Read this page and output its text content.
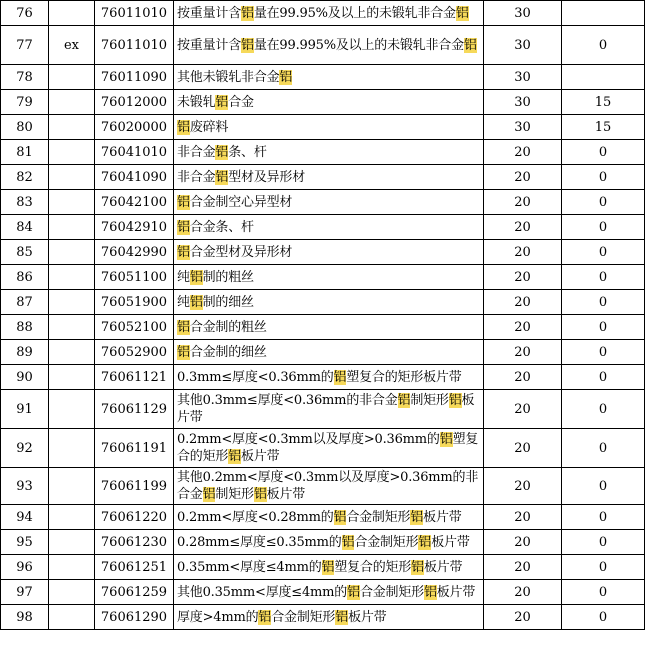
76		76011010	按重量计含铝量在99.95%及以上的未锻轧非合金铝	30	
77	ex	76011010	按重量计含铝量在99.995%及以上的未锻轧非合金铝	30	0
78		76011090	其他未锻轧非合金铝	30	
79		76012000	未锻轧铝合金	30	15
80		76020000	铝废碎料	30	15
81		76041010	非合金铝条、杆	20	0
82		76041090	非合金铝型材及异形材	20	0
83		76042100	铝合金制空心异型材	20	0
84		76042910	铝合金条、杆	20	0
85		76042990	铝合金型材及异形材	20	0
86		76051100	纯铝制的粗丝	20	0
87		76051900	纯铝制的细丝	20	0
88		76052100	铝合金制的粗丝	20	0
89		76052900	铝合金制的细丝	20	0
90		76061121	0.3mm≤厚度<0.36mm的铝塑复合的矩形板片带	20	0
91		76061129	其他0.3mm≤厚度<0.36mm的非合金铝制矩形铝板片带	20	0
92		76061191	0.2mm<厚度<0.3mm以及厚度>0.36mm的铝塑复合的矩形铝板片带	20	0
93		76061199	其他0.2mm<厚度<0.3mm以及厚度>0.36mm的非合金铝制矩形铝板片带	20	0
94		76061220	0.2mm<厚度<0.28mm的铝合金制矩形铝板片带	20	0
95		76061230	0.28mm≤厚度≤0.35mm的铝合金制矩形铝板片带	20	0
96		76061251	0.35mm<厚度≤4mm的铝塑复合的矩形铝板片带	20	0
97		76061259	其他0.35mm<厚度≤4mm的铝合金制矩形铝板片带	20	0
98		76061290	厚度>4mm的铝合金制矩形铝板片带	20	0
